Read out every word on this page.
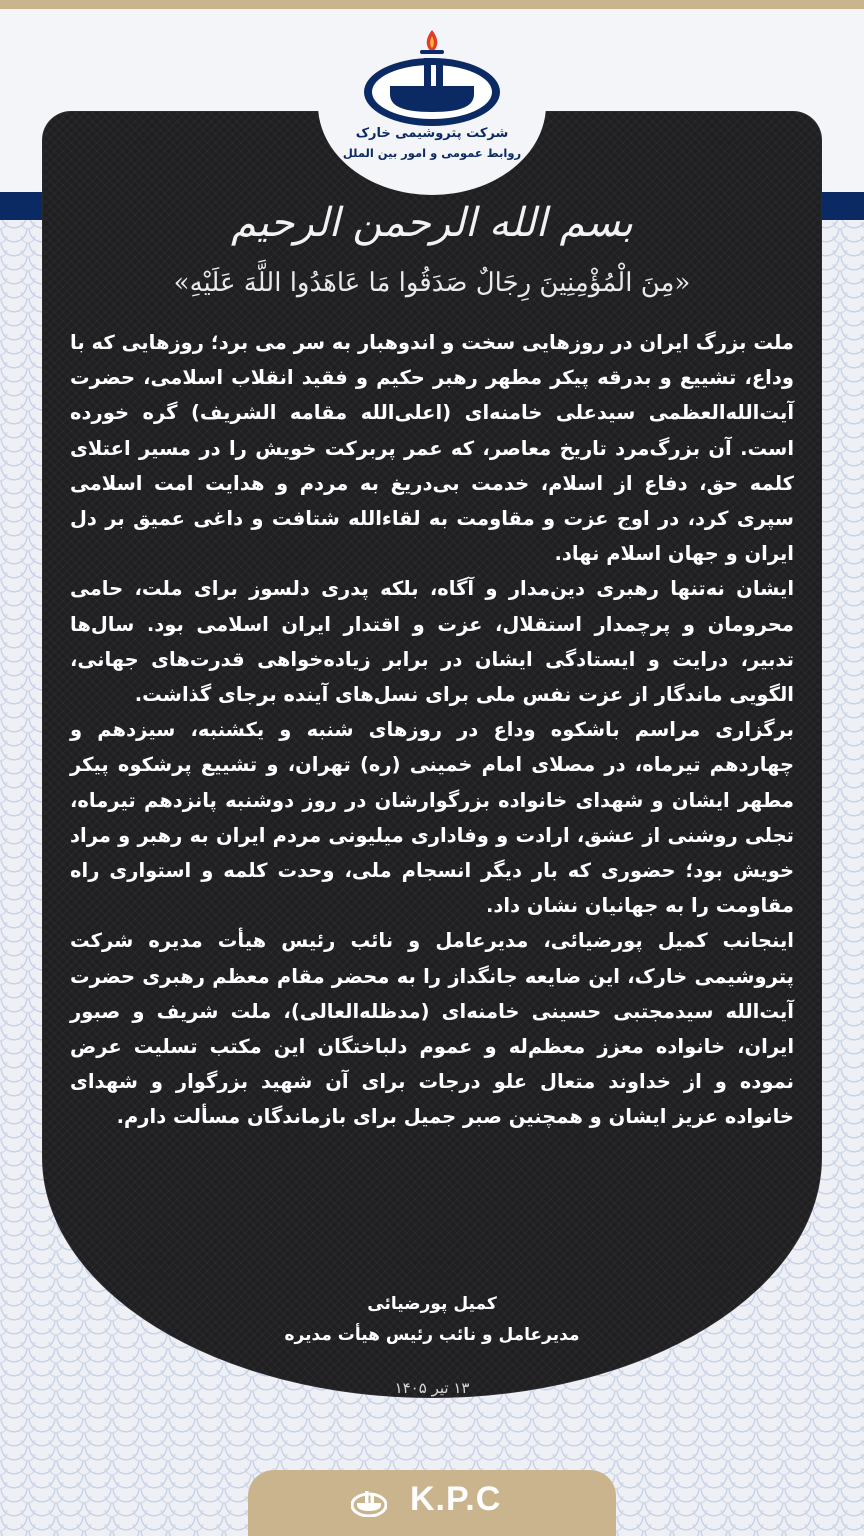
شرکت پتروشیمی خارک
روابط عمومی و امور بین الملل
بسم الله الرحمن الرحیم
«مِنَ الْمُؤْمِنِينَ رِجَالٌ صَدَقُوا مَا عَاهَدُوا اللَّهَ عَلَيْهِ»

ملت بزرگ ایران در روزهایی سخت و اندوهبار به سر می برد؛ روزهایی که با وداع، تشییع و بدرقه پیکر مطهر رهبر حکیم و فقید انقلاب اسلامی، حضرت آیت‌الله‌العظمی سیدعلی خامنه‌ای (اعلی‌الله مقامه الشریف) گره خورده است. آن بزرگ‌مرد تاریخ معاصر، که عمر پربرکت خویش را در مسیر اعتلای کلمه حق، دفاع از اسلام، خدمت بی‌دریغ به مردم و هدایت امت اسلامی سپری کرد، در اوج عزت و مقاومت به لقاءالله شتافت و داغی عمیق بر دل ایران و جهان اسلام نهاد.

ایشان نه‌تنها رهبری دین‌مدار و آگاه، بلکه پدری دلسوز برای ملت، حامی محرومان و پرچمدار استقلال، عزت و اقتدار ایران اسلامی بود. سال‌ها تدبیر، درایت و ایستادگی ایشان در برابر زیاده‌خواهی قدرت‌های جهانی، الگویی ماندگار از عزت نفس ملی برای نسل‌های آینده برجای گذاشت.

برگزاری مراسم باشکوه وداع در روزهای شنبه و یکشنبه، سیزدهم و چهاردهم تیرماه، در مصلای امام خمینی (ره) تهران، و تشییع پرشکوه پیکر مطهر ایشان و شهدای خانواده بزرگوارشان در روز دوشنبه پانزدهم تیرماه، تجلی روشنی از عشق، ارادت و وفاداری میلیونی مردم ایران به رهبر و مراد خویش بود؛ حضوری که بار دیگر انسجام ملی، وحدت کلمه و استواری راه مقاومت را به جهانیان نشان داد.

اینجانب کمیل پورضیائی، مدیرعامل و نائب رئیس هیأت مدیره شرکت پتروشیمی خارک، این ضایعه جانگداز را به محضر مقام معظم رهبری حضرت آیت‌الله سیدمجتبی حسینی خامنه‌ای (مدظله‌العالی)، ملت شریف و صبور ایران، خانواده معزز معظم‌له و عموم دلباختگان این مکتب تسلیت عرض نموده و از خداوند متعال علو درجات برای آن شهید بزرگوار و شهدای خانواده عزیز ایشان و همچنین صبر جمیل برای بازماندگان مسألت دارم.

کمیل پورضیائی
مدیرعامل و نائب رئیس هیأت مدیره
۱۳ تیر ۱۴۰۵
K.P.C
